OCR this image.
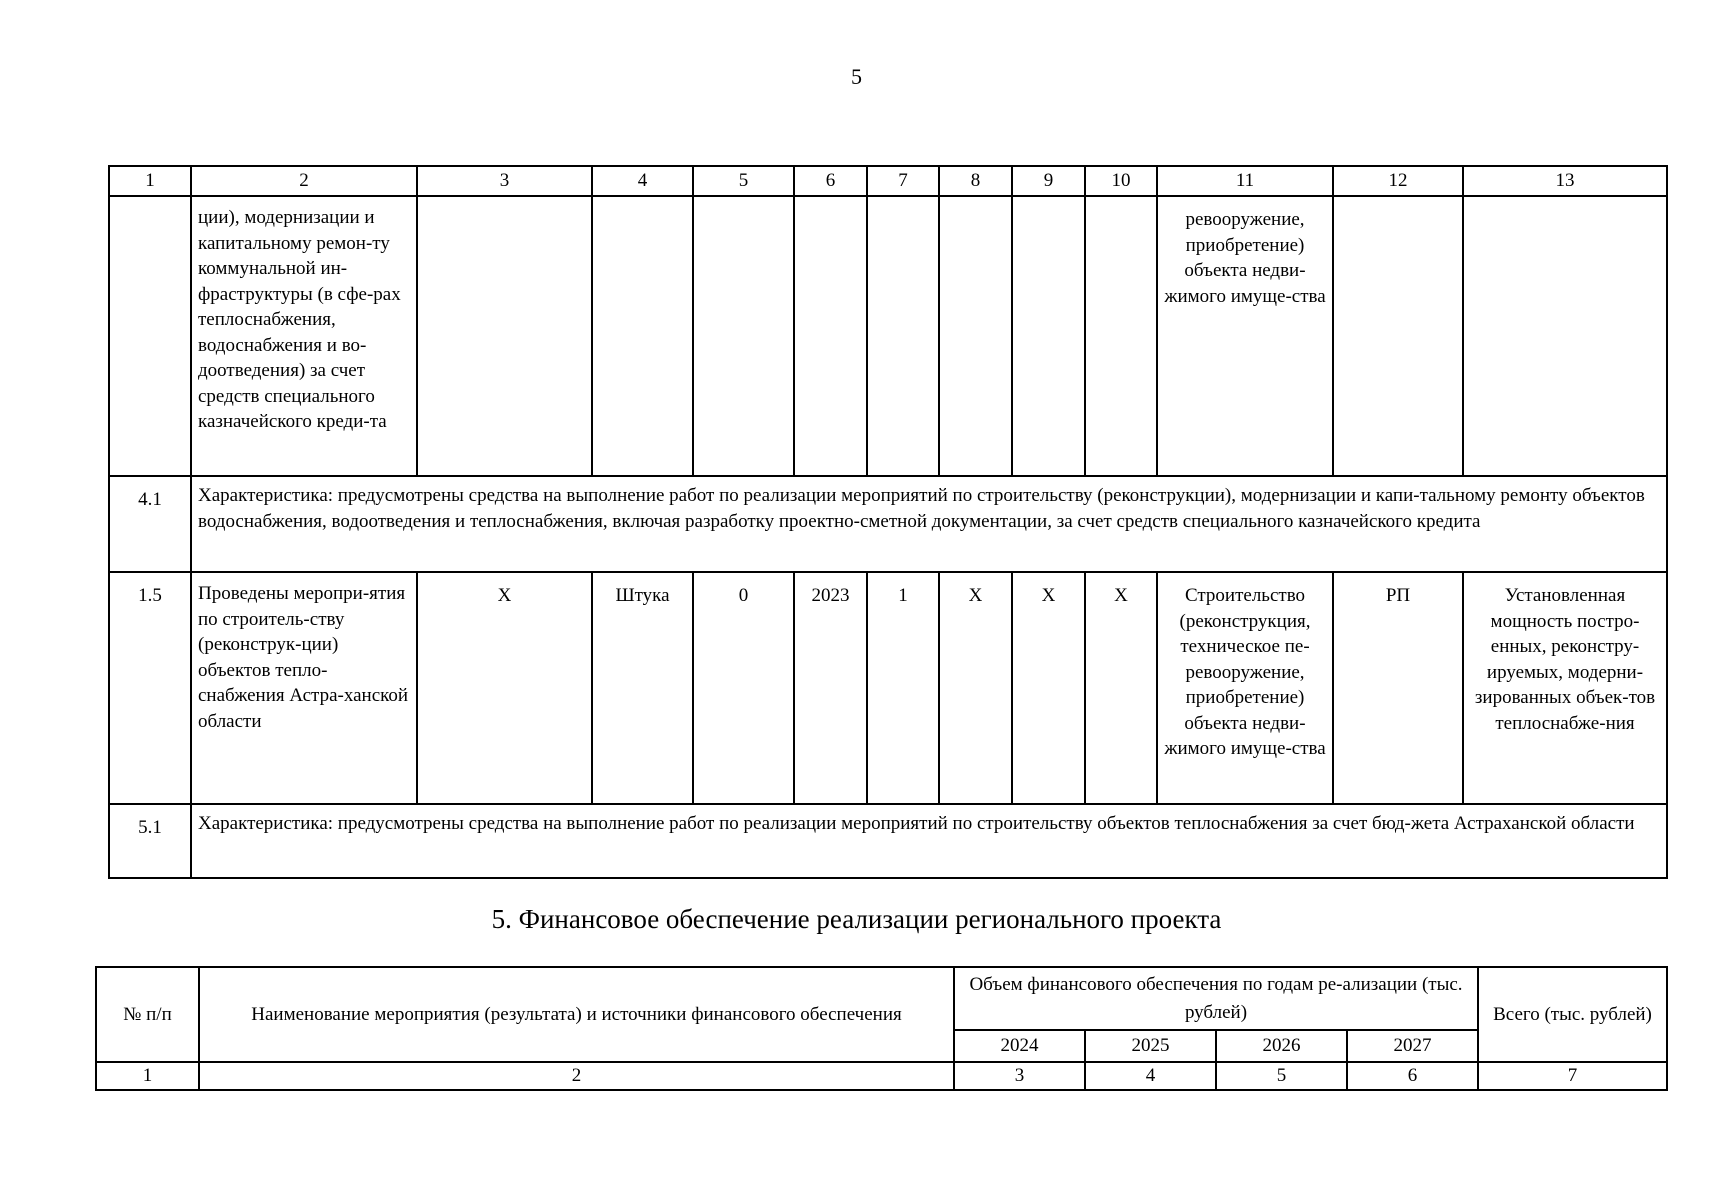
5
1	2	3	4	5	6	7	8	9	10	11	12	13
	ции), модернизации и капитальному ремон-ту коммунальной ин-фраструктуры (в сфе-рах теплоснабжения, водоснабжения и во-доотведения) за счет средств специального казначейского креди-та									ревооружение, приобретение) объекта недви-жимого имуще-ства		
4.1	Характеристика: предусмотрены средства на выполнение работ по реализации мероприятий по строительству (реконструкции), модернизации и капи-тальному ремонту объектов водоснабжения, водоотведения и теплоснабжения, включая разработку проектно-сметной документации, за счет средств специального казначейского кредита											
1.5	Проведены меропри-ятия по строитель-ству (реконструк-ции) объектов тепло-снабжения Астра-ханской области	Х	Штука	0	2023	1	Х	Х	Х	Строительство (реконструкция, техническое пе-ревооружение, приобретение) объекта недви-жимого имуще-ства	РП	Установленная мощность постро-енных, реконстру-ируемых, модерни-зированных объек-тов теплоснабже-ния
5.1	Характеристика: предусмотрены средства на выполнение работ по реализации мероприятий по строительству объектов теплоснабжения за счет бюд-жета Астраханской области											
5. Финансовое обеспечение реализации регионального проекта
№ п/п	Наименование мероприятия (результата) и источники финансового обеспечения	Объем финансового обеспечения по годам ре-ализации (тыс. рублей)				Всего (тыс. рублей)
		2024	2025	2026	2027	
1	2	3	4	5	6	7
